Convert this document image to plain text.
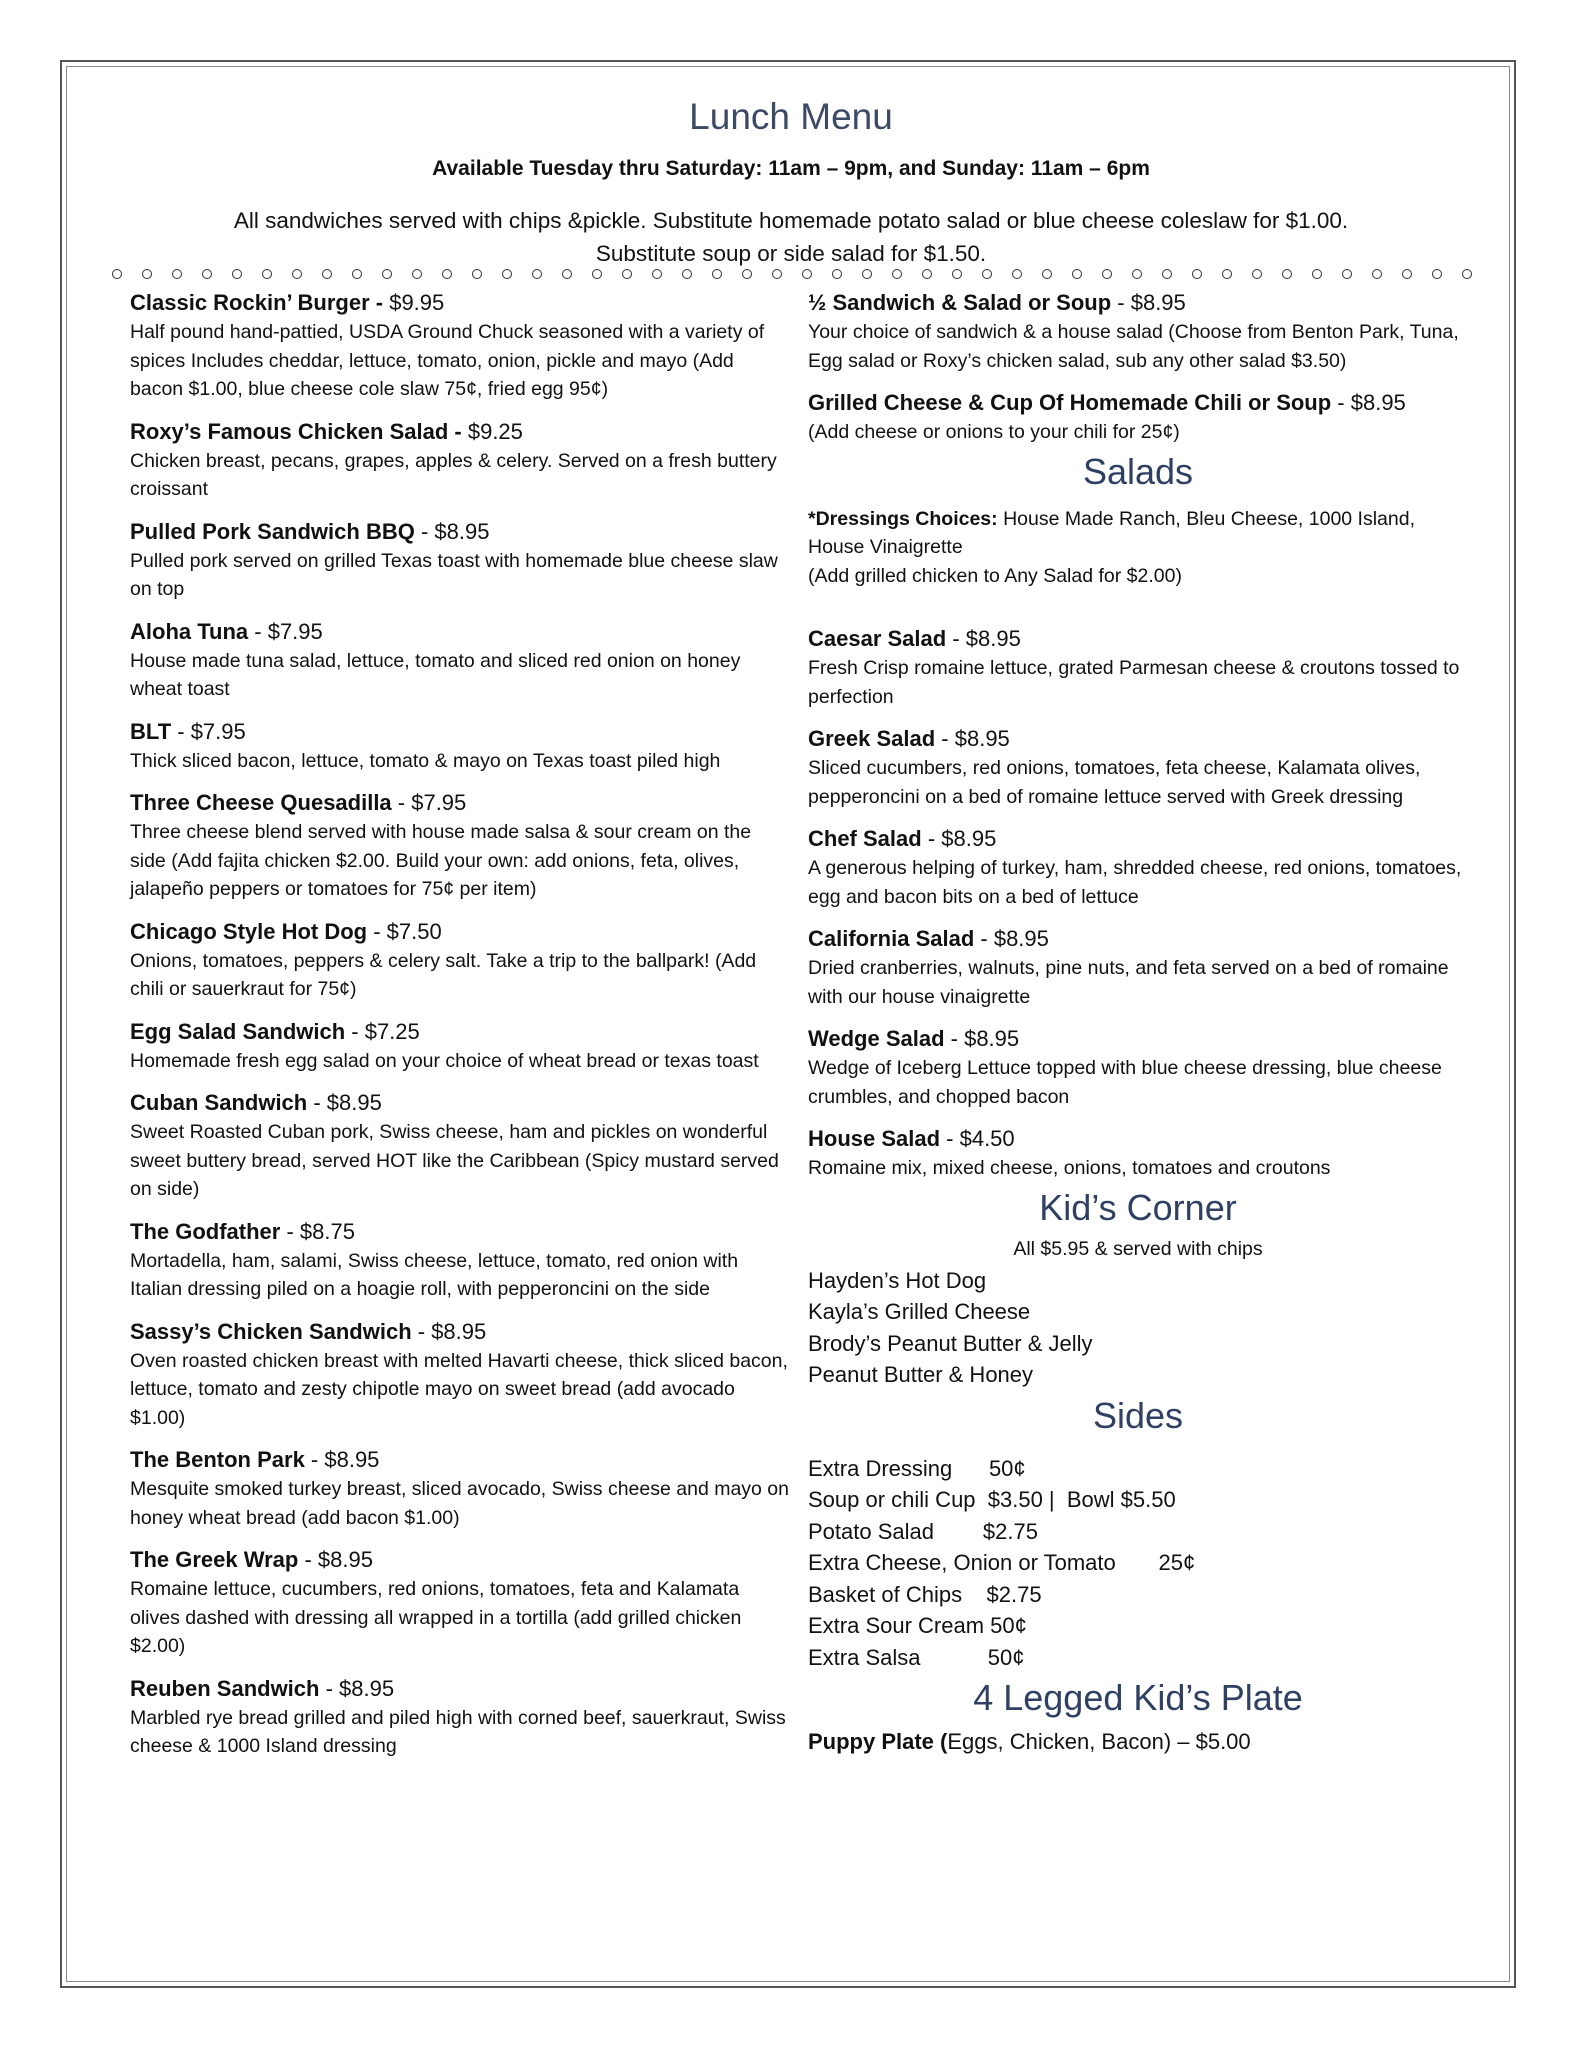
Lunch Menu
Available Tuesday thru Saturday: 11am – 9pm, and Sunday: 11am – 6pm
All sandwiches served with chips &pickle. Substitute homemade potato salad or blue cheese coleslaw for $1.00.
Substitute soup or side salad for $1.50.
Classic Rockin’ Burger - $9.95
Half pound hand-pattied, USDA Ground Chuck seasoned with a variety of spices Includes cheddar, lettuce, tomato, onion, pickle and mayo (Add bacon $1.00, blue cheese cole slaw 75¢, fried egg 95¢)
Roxy’s Famous Chicken Salad - $9.25
Chicken breast, pecans, grapes, apples & celery. Served on a fresh buttery croissant
Pulled Pork Sandwich BBQ - $8.95
Pulled pork served on grilled Texas toast with homemade blue cheese slaw on top
Aloha Tuna - $7.95
House made tuna salad, lettuce, tomato and sliced red onion on honey wheat toast
BLT - $7.95
Thick sliced bacon, lettuce, tomato & mayo on Texas toast piled high
Three Cheese Quesadilla - $7.95
Three cheese blend served with house made salsa & sour cream on the side (Add fajita chicken $2.00. Build your own: add onions, feta, olives, jalapeño peppers or tomatoes for 75¢ per item)
Chicago Style Hot Dog - $7.50
Onions, tomatoes, peppers & celery salt. Take a trip to the ballpark! (Add chili or sauerkraut for 75¢)
Egg Salad Sandwich - $7.25
Homemade fresh egg salad on your choice of wheat bread or texas toast
Cuban Sandwich - $8.95
Sweet Roasted Cuban pork, Swiss cheese, ham and pickles on wonderful sweet buttery bread, served HOT like the Caribbean (Spicy mustard served on side)
The Godfather - $8.75
Mortadella, ham, salami, Swiss cheese, lettuce, tomato, red onion with Italian dressing piled on a hoagie roll, with pepperoncini on the side
Sassy’s Chicken Sandwich - $8.95
Oven roasted chicken breast with melted Havarti cheese, thick sliced bacon, lettuce, tomato and zesty chipotle mayo on sweet bread (add avocado $1.00)
The Benton Park - $8.95
Mesquite smoked turkey breast, sliced avocado, Swiss cheese and mayo on honey wheat bread (add bacon $1.00)
The Greek Wrap - $8.95
Romaine lettuce, cucumbers, red onions, tomatoes, feta and Kalamata olives dashed with dressing all wrapped in a tortilla (add grilled chicken $2.00)
Reuben Sandwich - $8.95
Marbled rye bread grilled and piled high with corned beef, sauerkraut, Swiss cheese & 1000 Island dressing
½ Sandwich & Salad or Soup - $8.95
Your choice of sandwich & a house salad (Choose from Benton Park, Tuna, Egg salad or Roxy’s chicken salad, sub any other salad $3.50)
Grilled Cheese & Cup Of Homemade Chili or Soup - $8.95
(Add cheese or onions to your chili for 25¢)
Salads
*Dressings Choices: House Made Ranch, Bleu Cheese, 1000 Island, House Vinaigrette
(Add grilled chicken to Any Salad for $2.00)
Caesar Salad - $8.95
Fresh Crisp romaine lettuce, grated Parmesan cheese & croutons tossed to perfection
Greek Salad - $8.95
Sliced cucumbers, red onions, tomatoes, feta cheese, Kalamata olives, pepperoncini on a bed of romaine lettuce served with Greek dressing
Chef Salad - $8.95
A generous helping of turkey, ham, shredded cheese, red onions, tomatoes, egg and bacon bits on a bed of lettuce
California Salad - $8.95
Dried cranberries, walnuts, pine nuts, and feta served on a bed of romaine with our house vinaigrette
Wedge Salad - $8.95
Wedge of Iceberg Lettuce topped with blue cheese dressing, blue cheese crumbles, and chopped bacon
House Salad - $4.50
Romaine mix, mixed cheese, onions, tomatoes and croutons
Kid’s Corner
All $5.95 & served with chips
Hayden’s Hot Dog
Kayla’s Grilled Cheese
Brody’s Peanut Butter & Jelly
Peanut Butter & Honey
Sides
Extra Dressing      50¢
Soup or chili Cup  $3.50 |  Bowl $5.50
Potato Salad        $2.75
Extra Cheese, Onion or Tomato       25¢
Basket of Chips    $2.75
Extra Sour Cream 50¢
Extra Salsa           50¢
4 Legged Kid’s Plate
Puppy Plate (Eggs, Chicken, Bacon) – $5.00
